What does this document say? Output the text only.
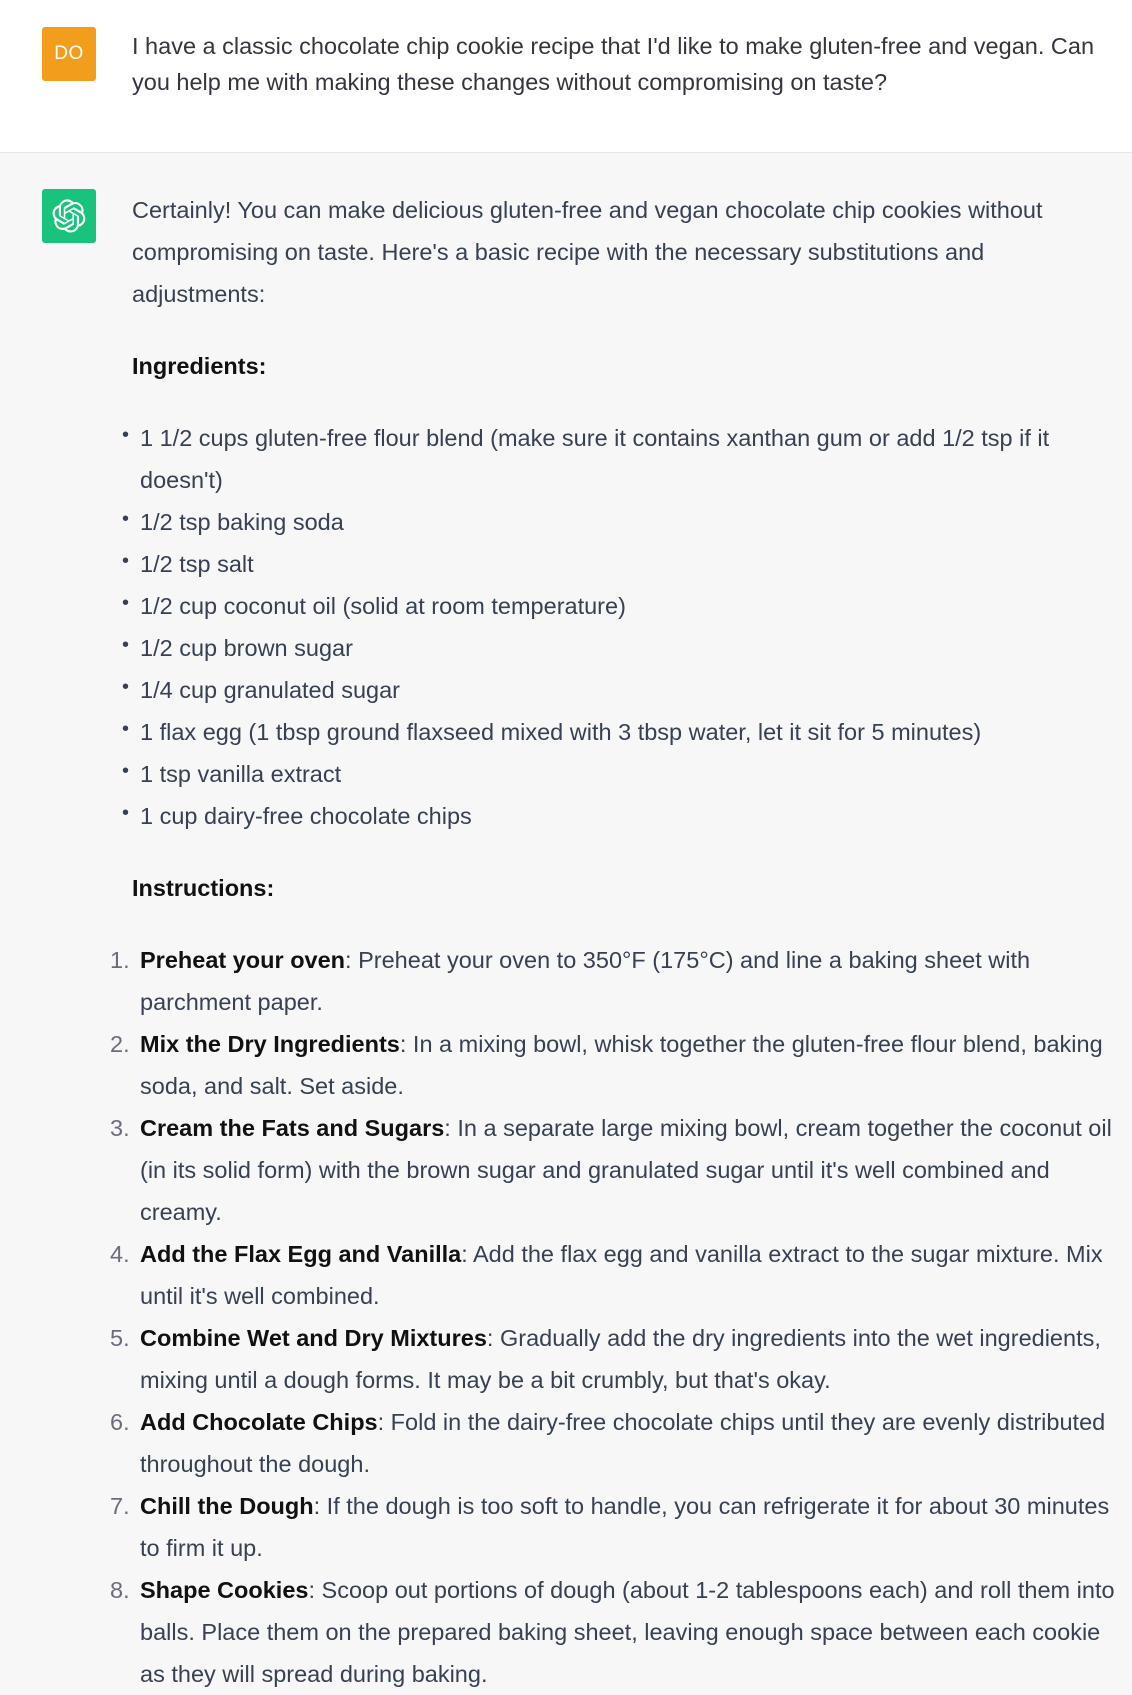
DO I have a classic chocolate chip cookie recipe that I'd like to make gluten-free and vegan. Can you help me with making these changes without compromising on taste?

Certainly! You can make delicious gluten-free and vegan chocolate chip cookies without compromising on taste. Here's a basic recipe with the necessary substitutions and adjustments:

Ingredients:

• 1 1/2 cups gluten-free flour blend (make sure it contains xanthan gum or add 1/2 tsp if it doesn't)
• 1/2 tsp baking soda
• 1/2 tsp salt
• 1/2 cup coconut oil (solid at room temperature)
• 1/2 cup brown sugar
• 1/4 cup granulated sugar
• 1 flax egg (1 tbsp ground flaxseed mixed with 3 tbsp water, let it sit for 5 minutes)
• 1 tsp vanilla extract
• 1 cup dairy-free chocolate chips

Instructions:

1. Preheat your oven: Preheat your oven to 350°F (175°C) and line a baking sheet with parchment paper.
2. Mix the Dry Ingredients: In a mixing bowl, whisk together the gluten-free flour blend, baking soda, and salt. Set aside.
3. Cream the Fats and Sugars: In a separate large mixing bowl, cream together the coconut oil (in its solid form) with the brown sugar and granulated sugar until it's well combined and creamy.
4. Add the Flax Egg and Vanilla: Add the flax egg and vanilla extract to the sugar mixture. Mix until it's well combined.
5. Combine Wet and Dry Mixtures: Gradually add the dry ingredients into the wet ingredients, mixing until a dough forms. It may be a bit crumbly, but that's okay.
6. Add Chocolate Chips: Fold in the dairy-free chocolate chips until they are evenly distributed throughout the dough.
7. Chill the Dough: If the dough is too soft to handle, you can refrigerate it for about 30 minutes to firm it up.
8. Shape Cookies: Scoop out portions of dough (about 1-2 tablespoons each) and roll them into balls. Place them on the prepared baking sheet, leaving enough space between each cookie as they will spread during baking.
